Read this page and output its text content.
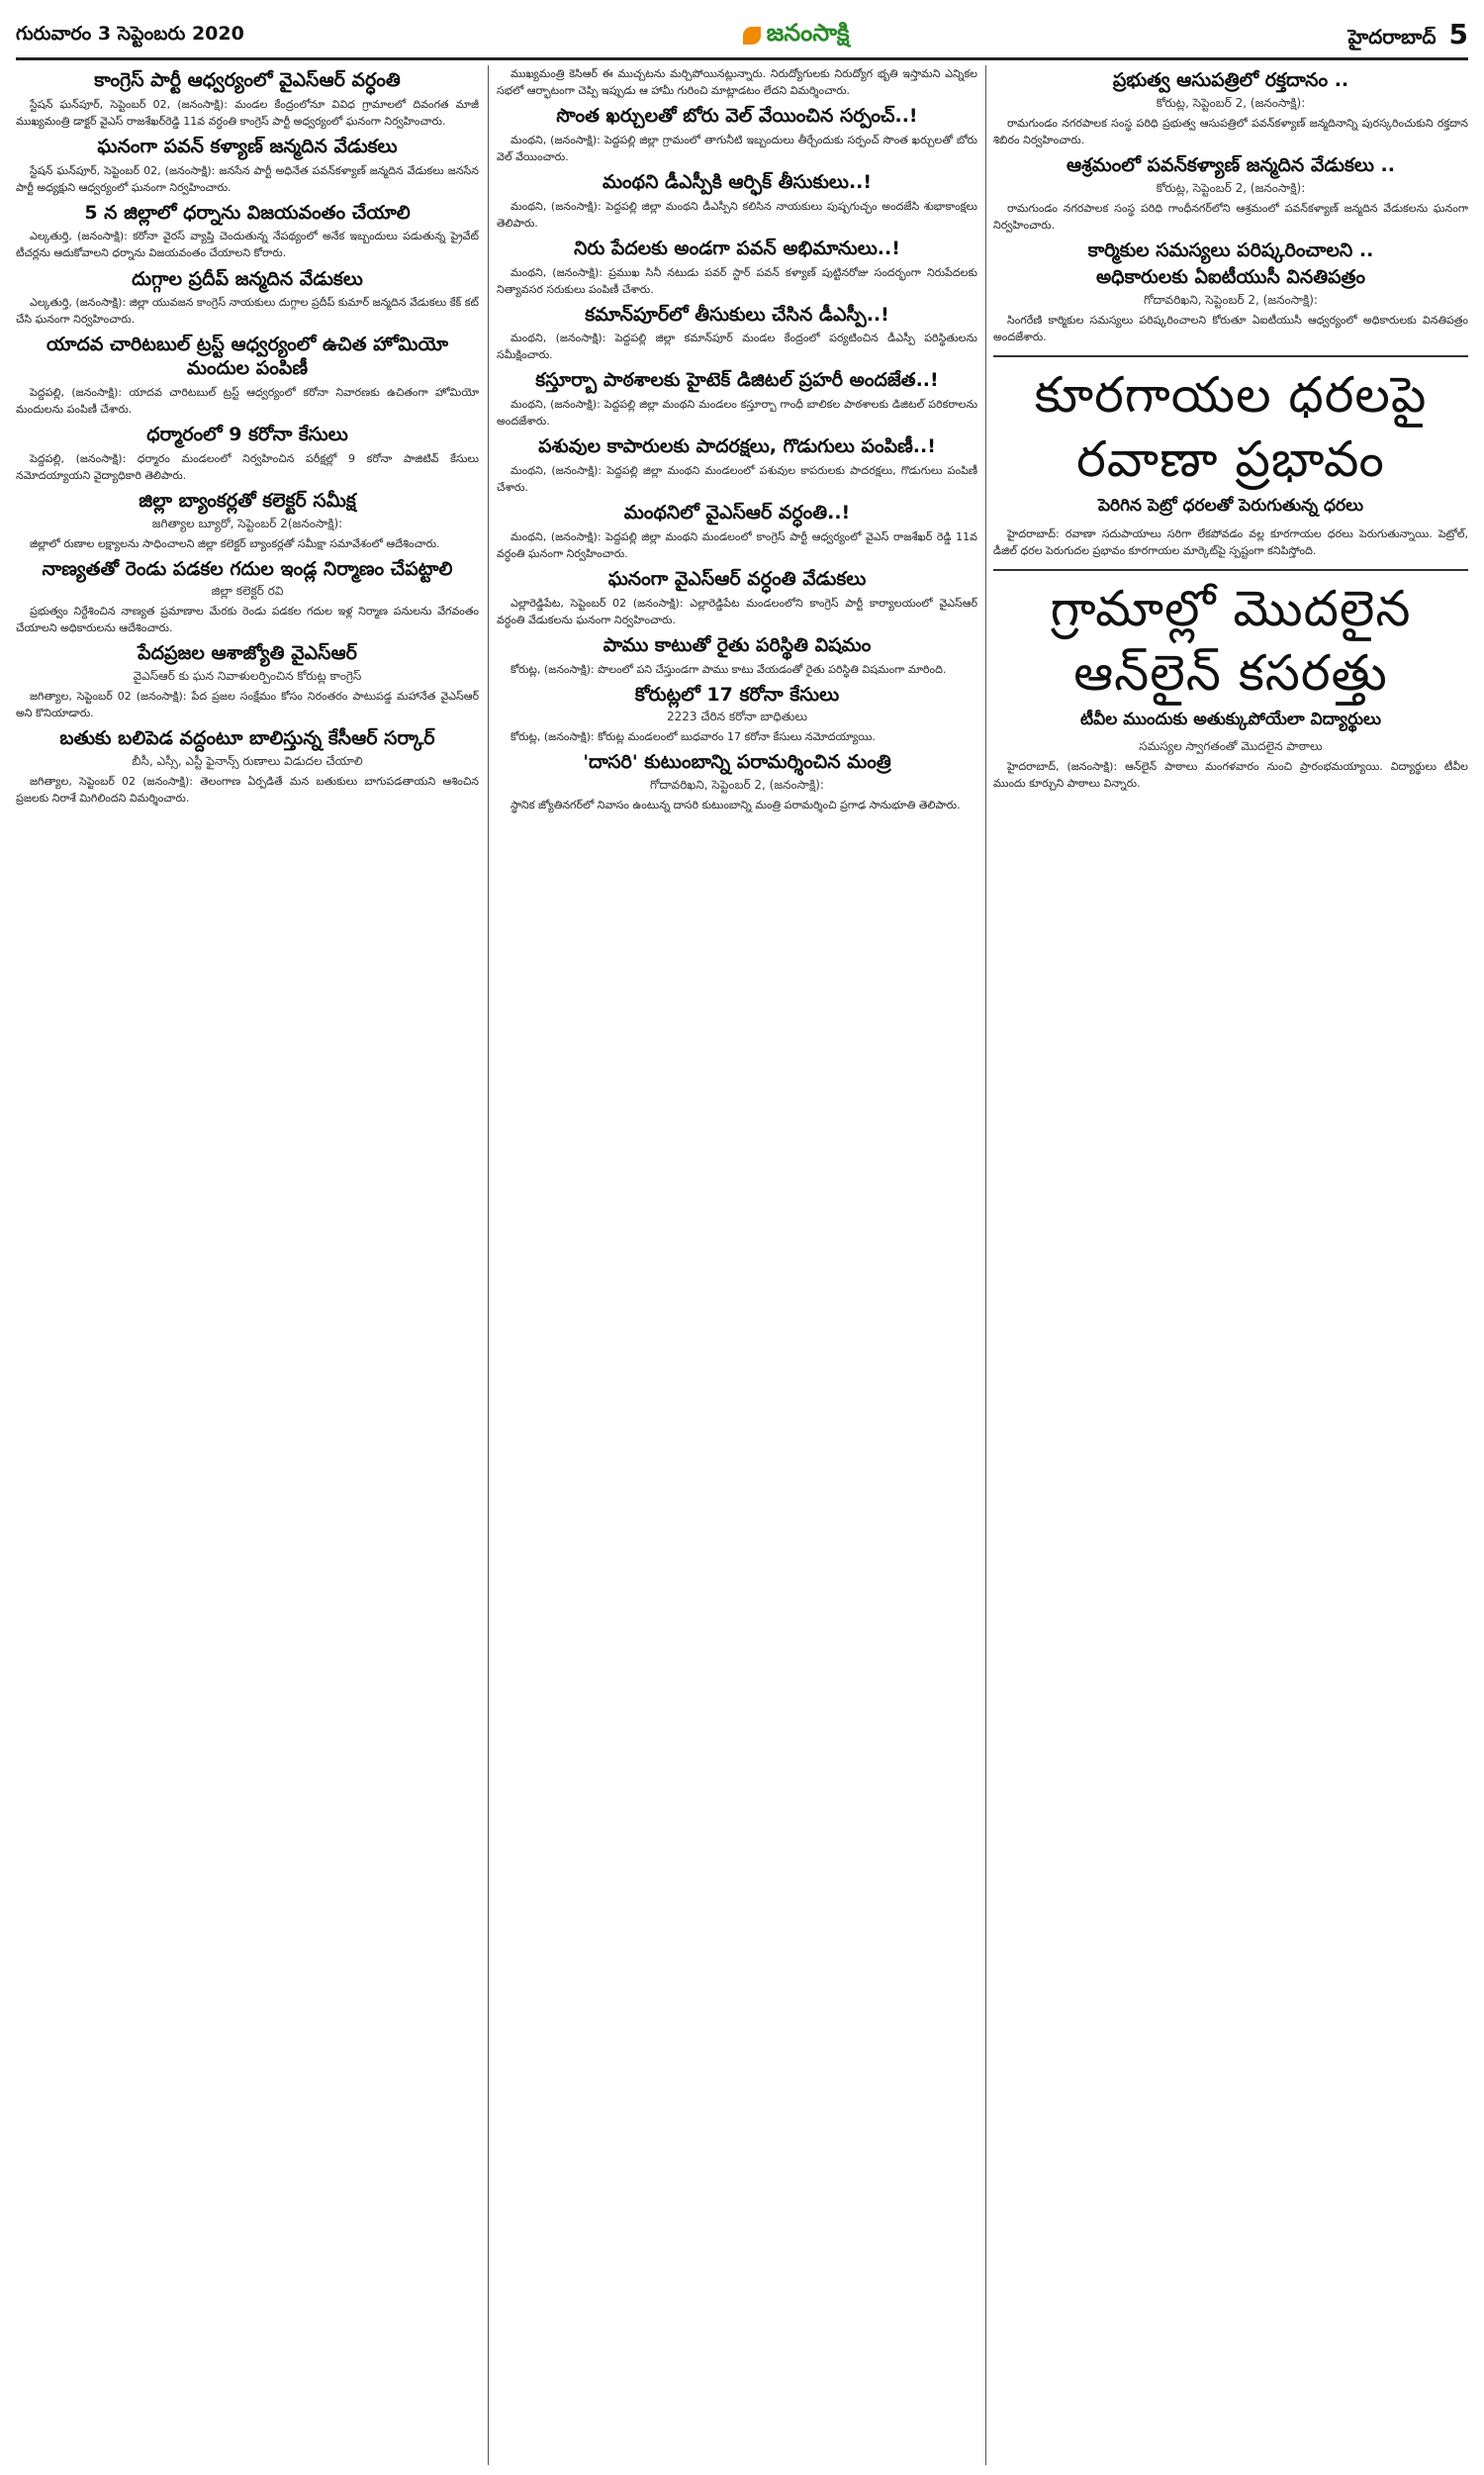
గురువారం 3 సెప్టెంబరు 2020	జనంసాక్షి	హైదరాబాద్ 5
కాంగ్రెస్ పార్టీ ఆధ్వర్యంలో వైఎస్ఆర్ వర్ధంతి
స్టేషన్ ఘన్‌పూర్, సెప్టెంబర్ 02, (జనంసాక్షి): మండల కేంద్రంలోనూ వివిధ గ్రామాలలో దివంగత మాజీ ముఖ్యమంత్రి డాక్టర్ వైఎస్ రాజశేఖర్‌రెడ్డి 11వ వర్ధంతి కాంగ్రెస్ పార్టీ అధ్వర్యంలో ఘనంగా నిర్వహించారు.
ఘనంగా పవన్ కళ్యాణ్ జన్మదిన వేడుకలు
స్టేషన్ ఘన్‌పూర్, సెప్టెంబర్ 02, (జనంసాక్షి): జనసేన పార్టీ అధినేత పవన్‌కళ్యాణ్ జన్మదిన వేడుకలు జనసేన పార్టీ అధ్యక్షుని ఆధ్వర్యంలో ఘనంగా నిర్వహించారు.
5 న జిల్లాలో ధర్నాను విజయవంతం చేయాలి
ఎల్కతుర్తి, (జనంసాక్షి): కరోనా వైరస్ వ్యాప్తి చెందుతున్న నేపథ్యంలో అనేక ఇబ్బందులు పడుతున్న ప్రైవేట్ టీచర్లను ఆదుకోవాలని ధర్నాను విజయవంతం చేయాలని కోరారు.
దుగ్గాల ప్రదీప్ జన్మదిన వేడుకలు
ఎల్కతుర్తి, (జనంసాక్షి): జిల్లా యువజన కాంగ్రెస్ నాయకులు దుగ్గాల ప్రదీప్ కుమార్ జన్మదిన వేడుకలు కేక్ కట్ చేసి ఘనంగా నిర్వహించారు.
యాదవ చారిటబుల్ ట్రస్ట్ ఆధ్వర్యంలో ఉచిత హోమియో మందుల పంపిణీ
పెద్దపల్లి, (జనంసాక్షి): యాదవ చారిటబుల్ ట్రస్ట్ ఆధ్వర్యంలో కరోనా నివారణకు ఉచితంగా హోమియో మందులను పంపిణీ చేశారు.
ధర్మారంలో 9 కరోనా కేసులు
పెద్దపల్లి, (జనంసాక్షి): ధర్మారం మండలంలో నిర్వహించిన పరీక్షల్లో 9 కరోనా పాజిటివ్ కేసులు నమోదయ్యాయని వైద్యాధికారి తెలిపారు.
జిల్లా బ్యాంకర్లతో కలెక్టర్ సమీక్ష
జగిత్యాల బ్యూరో, సెప్టెంబర్ 2(జనంసాక్షి):
జిల్లాలో రుణాల లక్ష్యాలను సాధించాలని జిల్లా కలెక్టర్ బ్యాంకర్లతో సమీక్షా సమావేశంలో ఆదేశించారు.
నాణ్యతతో రెండు పడకల గదుల ఇండ్ల నిర్మాణం చేపట్టాలి
జిల్లా కలెక్టర్ రవి
ప్రభుత్వం నిర్దేశించిన నాణ్యత ప్రమాణాల మేరకు రెండు పడకల గదుల ఇళ్ల నిర్మాణ పనులను వేగవంతం చేయాలని అధికారులను ఆదేశించారు.
పేదప్రజల ఆశాజ్యోతి వైఎస్ఆర్
వైఎస్ఆర్ కు ఘన నివాళులర్పించిన కోరుట్ల కాంగ్రెస్
జగిత్యాల, సెప్టెంబర్ 02 (జనంసాక్షి): పేద ప్రజల సంక్షేమం కోసం నిరంతరం పాటుపడ్డ మహానేత వైఎస్ఆర్ అని కొనియాడారు.
బతుకు బలిపెడ వద్దంటూ బాలిస్తున్న కేసీఆర్ సర్కార్
బీసీ, ఎస్సీ, ఎస్టీ ఫైనాన్స్ రుణాలు విడుదల చేయాలి
జగిత్యాల, సెప్టెంబర్ 02 (జనంసాక్షి): తెలంగాణ ఏర్పడితే మన బతుకులు బాగుపడతాయని ఆశించిన ప్రజలకు నిరాశే మిగిలిందని విమర్శించారు.
ముఖ్యమంత్రి కెసిఆర్ ఈ ముచ్చటను మర్చిపోయినట్లున్నారు. నిరుద్యోగులకు నిరుద్యోగ భృతి ఇస్తామని ఎన్నికల సభలో ఆర్భాటంగా చెప్పి ఇప్పుడు ఆ హామీ గురించి మాట్లాడటం లేదని విమర్శించారు.
సొంత ఖర్చులతో బోరు వెల్ వేయించిన సర్పంచ్..!
మంథని, (జనంసాక్షి): పెద్దపల్లి జిల్లా గ్రామంలో తాగునీటి ఇబ్బందులు తీర్చేందుకు సర్పంచ్ సొంత ఖర్చులతో బోరు వెల్ వేయించారు.
మంథని డీఎస్పీకి ఆర్ఫిక్ తీసుకులు..!
మంథని, (జనంసాక్షి): పెద్దపల్లి జిల్లా మంథని డీఎస్పీని కలిసిన నాయకులు పుష్పగుచ్ఛం అందజేసి శుభాకాంక్షలు తెలిపారు.
నిరు పేదలకు అండగా పవన్ అభిమానులు..!
మంథని, (జనంసాక్షి): ప్రముఖ సినీ నటుడు పవర్ స్టార్ పవన్ కళ్యాణ్ పుట్టినరోజు సందర్భంగా నిరుపేదలకు నిత్యావసర సరుకులు పంపిణీ చేశారు.
కమాన్‌పూర్‌లో తీసుకులు చేసిన డీఎస్పీ..!
మంథని, (జనంసాక్షి): పెద్దపల్లి జిల్లా కమాన్‌పూర్ మండల కేంద్రంలో పర్యటించిన డీఎస్పీ పరిస్థితులను సమీక్షించారు.
కస్తూర్బా పాఠశాలకు హైటెక్ డిజిటల్ ప్రహరీ అందజేత..!
మంథని, (జనంసాక్షి): పెద్దపల్లి జిల్లా మంథని మండలం కస్తూర్బా గాంధీ బాలికల పాఠశాలకు డిజిటల్ పరికరాలను అందజేశారు.
పశువుల కాపారులకు పాదరక్షలు, గొడుగులు పంపిణీ..!
మంథని, (జనంసాక్షి): పెద్దపల్లి జిల్లా మంథని మండలంలో పశువుల కాపరులకు పాదరక్షలు, గొడుగులు పంపిణీ చేశారు.
మంథనిలో వైఎస్ఆర్ వర్ధంతి..!
మంథని, (జనంసాక్షి): పెద్దపల్లి జిల్లా మంథని మండలంలో కాంగ్రెస్ పార్టీ ఆధ్వర్యంలో వైఎస్ రాజశేఖర్ రెడ్డి 11వ వర్ధంతి ఘనంగా నిర్వహించారు.
ఘనంగా వైఎస్ఆర్ వర్ధంతి వేడుకలు
ఎల్లారెడ్డిపేట, సెప్టెంబర్ 02 (జనంసాక్షి): ఎల్లారెడ్డిపేట మండలంలోని కాంగ్రెస్ పార్టీ కార్యాలయంలో వైఎస్ఆర్ వర్ధంతి వేడుకలను ఘనంగా నిర్వహించారు.
పాము కాటుతో రైతు పరిస్థితి విషమం
కోరుట్ల, (జనంసాక్షి): పొలంలో పని చేస్తుండగా పాము కాటు వేయడంతో రైతు పరిస్థితి విషమంగా మారింది.
కోరుట్లలో 17 కరోనా కేసులు
2223 చేరిన కరోనా బాధితులు
కోరుట్ల, (జనంసాక్షి): కోరుట్ల మండలంలో బుధవారం 17 కరోనా కేసులు నమోదయ్యాయి.
'దాసరి' కుటుంబాన్ని పరామర్శించిన మంత్రి
గోదావరిఖని, సెప్టెంబర్ 2, (జనంసాక్షి):
స్థానిక జ్యోతినగర్‌లో నివాసం ఉంటున్న దాసరి కుటుంబాన్ని మంత్రి పరామర్శించి ప్రగాఢ సానుభూతి తెలిపారు.
ప్రభుత్వ ఆసుపత్రిలో రక్తదానం ..
కోరుట్ల, సెప్టెంబర్ 2, (జనంసాక్షి):
రామగుండం నగరపాలక సంస్థ పరిధి ప్రభుత్వ ఆసుపత్రిలో పవన్‌కళ్యాణ్ జన్మదినాన్ని పురస్కరించుకుని రక్తదాన శిబిరం నిర్వహించారు.
ఆశ్రమంలో పవన్‌కళ్యాణ్ జన్మదిన వేడుకలు ..
కోరుట్ల, సెప్టెంబర్ 2, (జనంసాక్షి):
రామగుండం నగరపాలక సంస్థ పరిధి గాంధీనగర్‌లోని ఆశ్రమంలో పవన్‌కళ్యాణ్ జన్మదిన వేడుకలను ఘనంగా నిర్వహించారు.
కార్మికుల సమస్యలు పరిష్కరించాలని ..
అధికారులకు ఏఐటీయుసీ వినతిపత్రం
గోదావరిఖని, సెప్టెంబర్ 2, (జనంసాక్షి):
సింగరేణి కార్మికుల సమస్యలు పరిష్కరించాలని కోరుతూ ఏఐటీయుసీ ఆధ్వర్యంలో అధికారులకు వినతిపత్రం అందజేశారు.
కూరగాయల ధరలపై రవాణా ప్రభావం
పెరిగిన పెట్రో ధరలతో పెరుగుతున్న ధరలు
హైదరాబాద్: రవాణా సదుపాయాలు సరిగా లేకపోవడం వల్ల కూరగాయల ధరలు పెరుగుతున్నాయి. పెట్రోల్, డీజిల్ ధరల పెరుగుదల ప్రభావం కూరగాయల మార్కెట్‌పై స్పష్టంగా కనిపిస్తోంది.
గ్రామాల్లో మొదలైన ఆన్‌లైన్ కసరత్తు
టీవీల ముందుకు అతుక్కుపోయేలా విద్యార్థులు
సమస్యల స్వాగతంతో మొదలైన పాఠాలు
హైదరాబాద్, (జనంసాక్షి): ఆన్‌లైన్ పాఠాలు మంగళవారం నుంచి ప్రారంభమయ్యాయి. విద్యార్థులు టీవీల ముందు కూర్చుని పాఠాలు విన్నారు.
